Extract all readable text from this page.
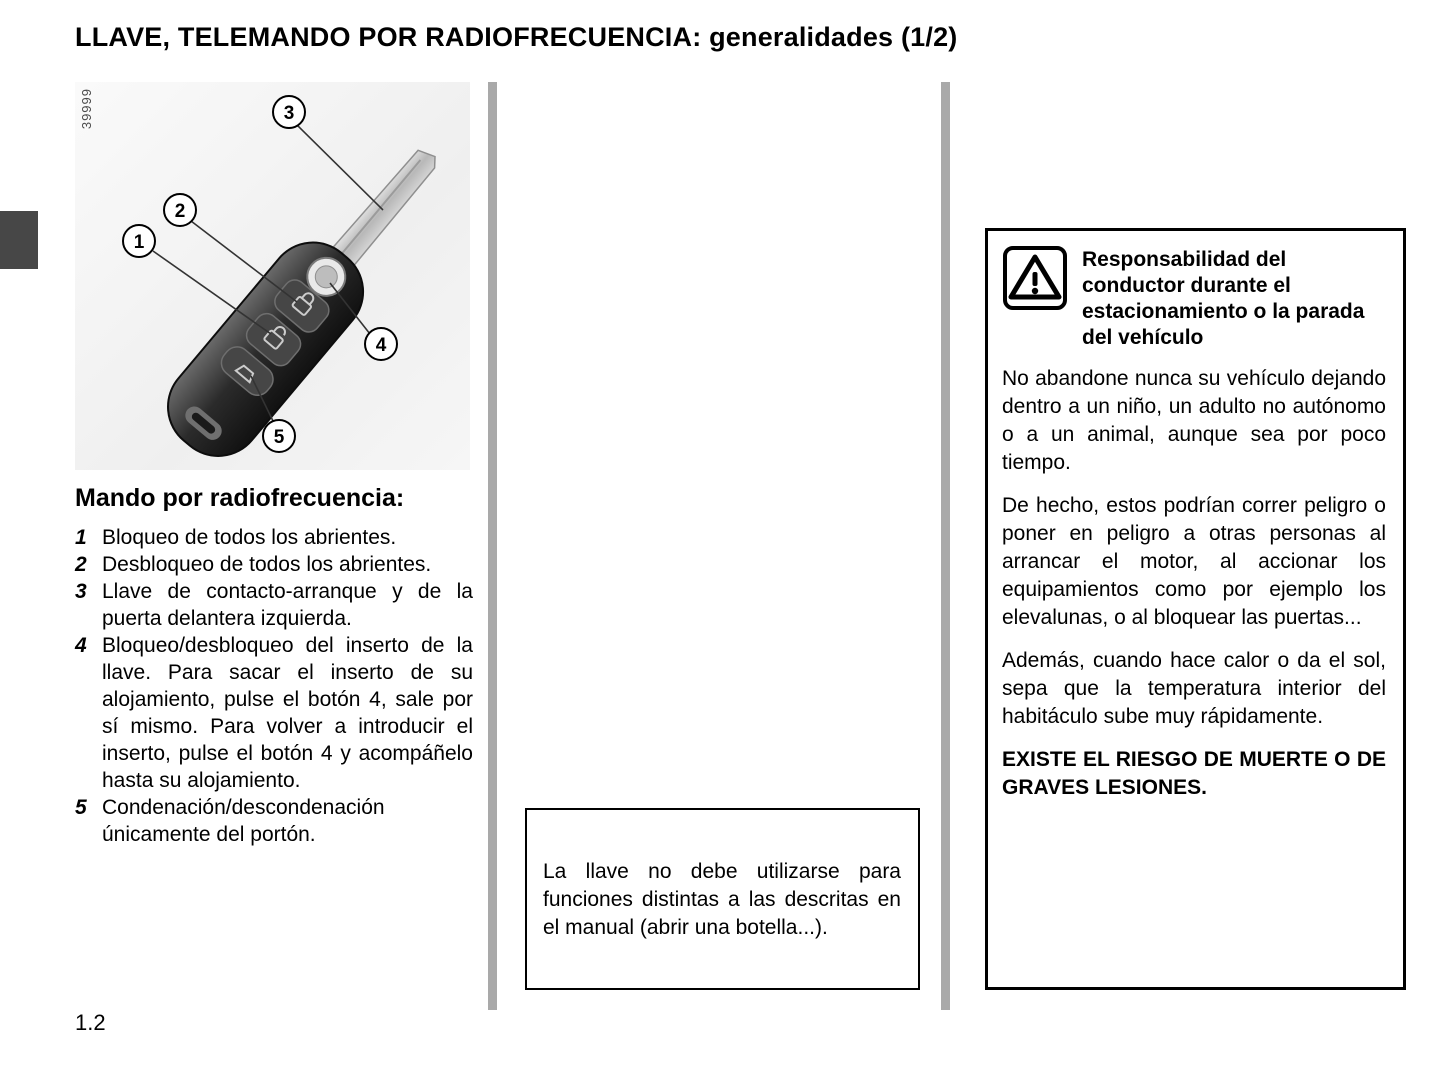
LLAVE, TELEMANDO POR RADIOFRECUENCIA: generalidades (1/2)
39999
1
2
3
4
5
Mando por radiofrecuencia:
1 Bloqueo de todos los abrientes.
2 Desbloqueo de todos los abrientes.
3 Llave de contacto-arranque y de la puerta delantera izquierda.
4 Bloqueo/desbloqueo del inserto de la llave. Para sacar el inserto de su alojamiento, pulse el botón 4, sale por sí mismo. Para volver a introducir el inserto, pulse el botón 4 y acompáñelo hasta su alojamiento.
5 Condenación/descondenación únicamente del portón.
La llave no debe utilizarse para funciones distintas a las descritas en el manual (abrir una botella...).
Responsabilidad del conductor durante el estacionamiento o la parada del vehículo

No abandone nunca su vehículo dejando dentro a un niño, un adulto no autónomo o a un animal, aunque sea por poco tiempo.

De hecho, estos podrían correr peligro o poner en peligro a otras personas al arrancar el motor, al accionar los equipamientos como por ejemplo los elevalunas, o al bloquear las puertas...

Además, cuando hace calor o da el sol, sepa que la temperatura interior del habitáculo sube muy rápidamente.

EXISTE EL RIESGO DE MUERTE O DE GRAVES LESIONES.

1.2
